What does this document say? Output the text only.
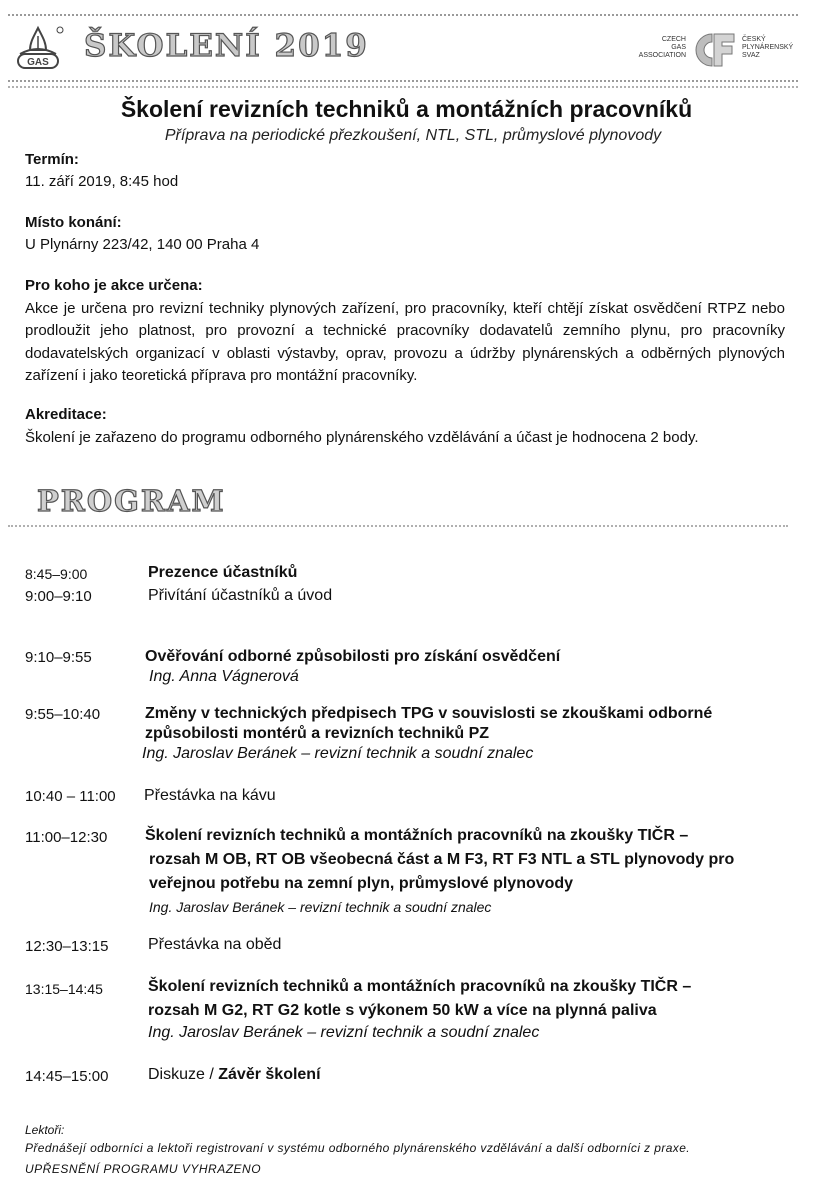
GAS ŠKOLENÍ 2019	CZECH
GAS
ASSOCIATION
ČESKÝ
PLYNÁRENSKÝ
SVAZ
Školení revizních techniků a montážních pracovníků
Příprava na periodické přezkoušení, NTL, STL, průmyslové plynovody
Termín:
11. září 2019, 8:45 hod
Místo konání:
U Plynárny 223/42, 140 00 Praha 4
Pro koho je akce určena:
Akce je určena pro revizní techniky plynových zařízení, pro pracovníky, kteří chtějí získat osvědčení RTPZ nebo prodloužit jeho platnost, pro provozní a technické pracovníky dodavatelů zemního plynu, pro pracovníky dodavatelských organizací v oblasti výstavby, oprav, provozu a údržby plynárenských a odběrných plynových zařízení i jako teoretická příprava pro montážní pracovníky.
Akreditace:
Školení je zařazeno do programu odborného plynárenského vzdělávání a účast je hodnocena 2 body.
PROGRAM
8:45–9:00	Prezence účastníků
9:00–9:10	Přivítání účastníků a úvod
9:10–9:55	Ověřování odborné způsobilosti pro získání osvědčení
Ing. Anna Vágnerová
9:55–10:40	Změny v technických předpisech TPG v souvislosti se zkouškami odborné
způsobilosti montérů a revizních techniků PZ
Ing. Jaroslav Beránek – revizní technik a soudní znalec
10:40 – 11:00 Přestávka na kávu
11:00–12:30 Školení revizních techniků a montážních pracovníků na zkoušky TIČR –
rozsah M OB, RT OB všeobecná část a M F3, RT F3 NTL a STL plynovody pro
veřejnou potřebu na zemní plyn, průmyslové plynovody
Ing. Jaroslav Beránek – revizní technik a soudní znalec
12:30–13:15 Přestávka na oběd
13:15–14:45	Školení revizních techniků a montážních pracovníků na zkoušky TIČR –
rozsah M G2, RT G2 kotle s výkonem 50 kW a více na plynná paliva
Ing. Jaroslav Beránek – revizní technik a soudní znalec
14:45–15:00 Diskuze / Závěr školení
Lektoři:
Přednášejí odborníci a lektoři registrovaní v systému odborného plynárenského vzdělávání a další odborníci z praxe.
UPŘESNĚNÍ PROGRAMU VYHRAZENO
